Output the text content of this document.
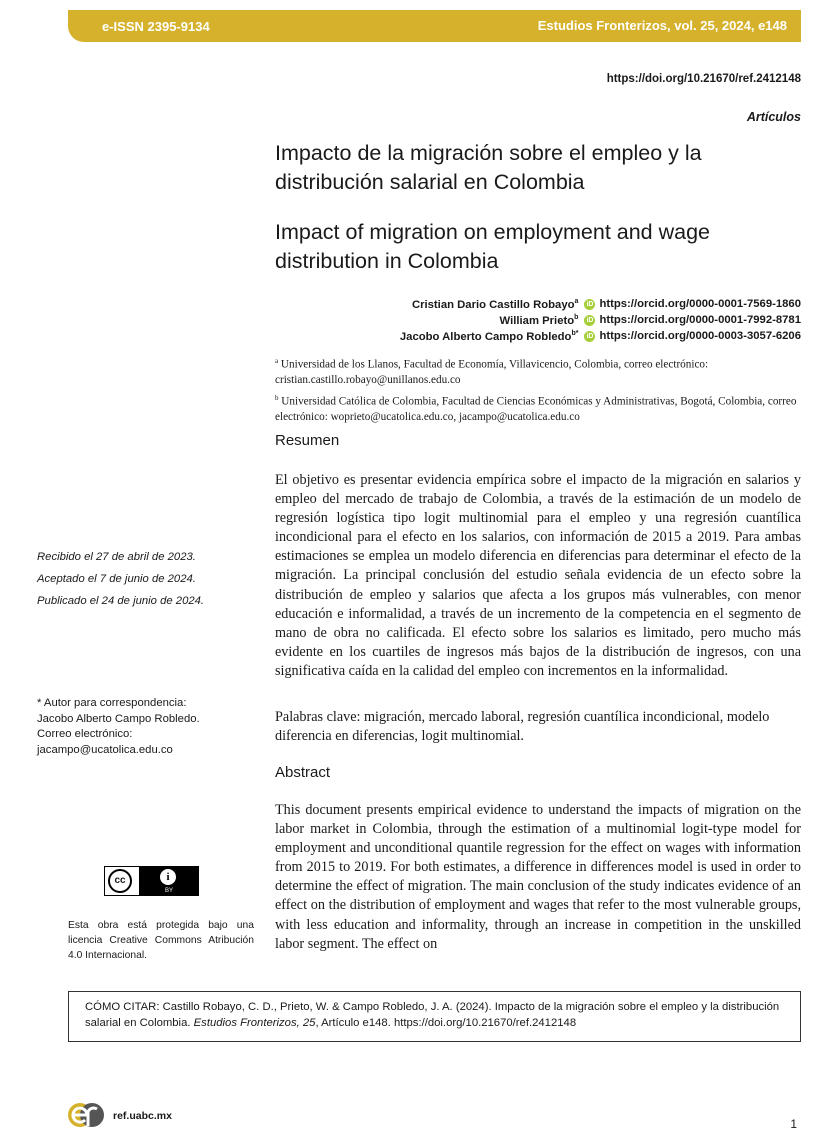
e-ISSN 2395-9134	Estudios Fronterizos, vol. 25, 2024, e148
https://doi.org/10.21670/ref.2412148
Artículos
Impacto de la migración sobre el empleo y la distribución salarial en Colombia
Impact of migration on employment and wage distribution in Colombia
Cristian Dario Castillo Robayo$^a$ iD https://orcid.org/0000-0001-7569-1860
William Prieto$^b$ iD https://orcid.org/0000-0001-7992-8781
Jacobo Alberto Campo Robledo$^{b*}$ iD https://orcid.org/0000-0003-3057-6206

$^a$ Universidad de los Llanos, Facultad de Economía, Villavicencio, Colombia, correo electrónico: cristian.castillo.robayo@unillanos.edu.co

$^b$ Universidad Católica de Colombia, Facultad de Ciencias Económicas y Administrativas, Bogotá, Colombia, correo electrónico: woprieto@ucatolica.edu.co, jacampo@ucatolica.edu.co

Resumen
El objetivo es presentar evidencia empírica sobre el impacto de la migración en salarios y empleo del mercado de trabajo de Colombia, a través de la estimación de un modelo de regresión logística tipo logit multinomial para el empleo y una regresión cuantílica incondicional para el efecto en los salarios, con información de 2015 a 2019. Para ambas estimaciones se emplea un modelo diferencia en diferencias para determinar el efecto de la migración. La principal conclusión del estudio señala evidencia de un efecto sobre la distribución de empleo y salarios que afecta a los grupos más vulnerables, con menor educación e informalidad, a través de un incremento de la competencia en el segmento de mano de obra no calificada. El efecto sobre los salarios es limitado, pero mucho más evidente en los cuartiles de ingresos más bajos de la distribución de ingresos, con una significativa caída en la calidad del empleo con incrementos en la informalidad.
Palabras clave: migración, mercado laboral, regresión cuantílica incondicional, modelo diferencia en diferencias, logit multinomial.
Abstract
This document presents empirical evidence to understand the impacts of migration on the labor market in Colombia, through the estimation of a multinomial logit-type model for employment and unconditional quantile regression for the effect on wages with information from 2015 to 2019. For both estimates, a difference in differences model is used in order to determine the effect of migration. The main conclusion of the study indicates evidence of an effect on the distribution of employment and wages that refer to the most vulnerable groups, with less education and informality, through an increase in competition in the unskilled labor segment. The effect on
Recibido el 27 de abril de 2023.
Aceptado el 7 de junio de 2024.
Publicado el 24 de junio de 2024.
* Autor para correspondencia:
Jacobo Alberto Campo Robledo.
Correo electrónico:
jacampo@ucatolica.edu.co
cc	i
BY
Esta obra está protegida bajo una licencia Creative Commons Atribución 4.0 Internacional.
CÓMO CITAR: Castillo Robayo, C. D., Prieto, W. & Campo Robledo, J. A. (2024). Impacto de la migración sobre el empleo y la distribución salarial en Colombia. Estudios Fronterizos, 25, Artículo e148. https://doi.org/10.21670/ref.2412148
ref.uabc.mx
1
